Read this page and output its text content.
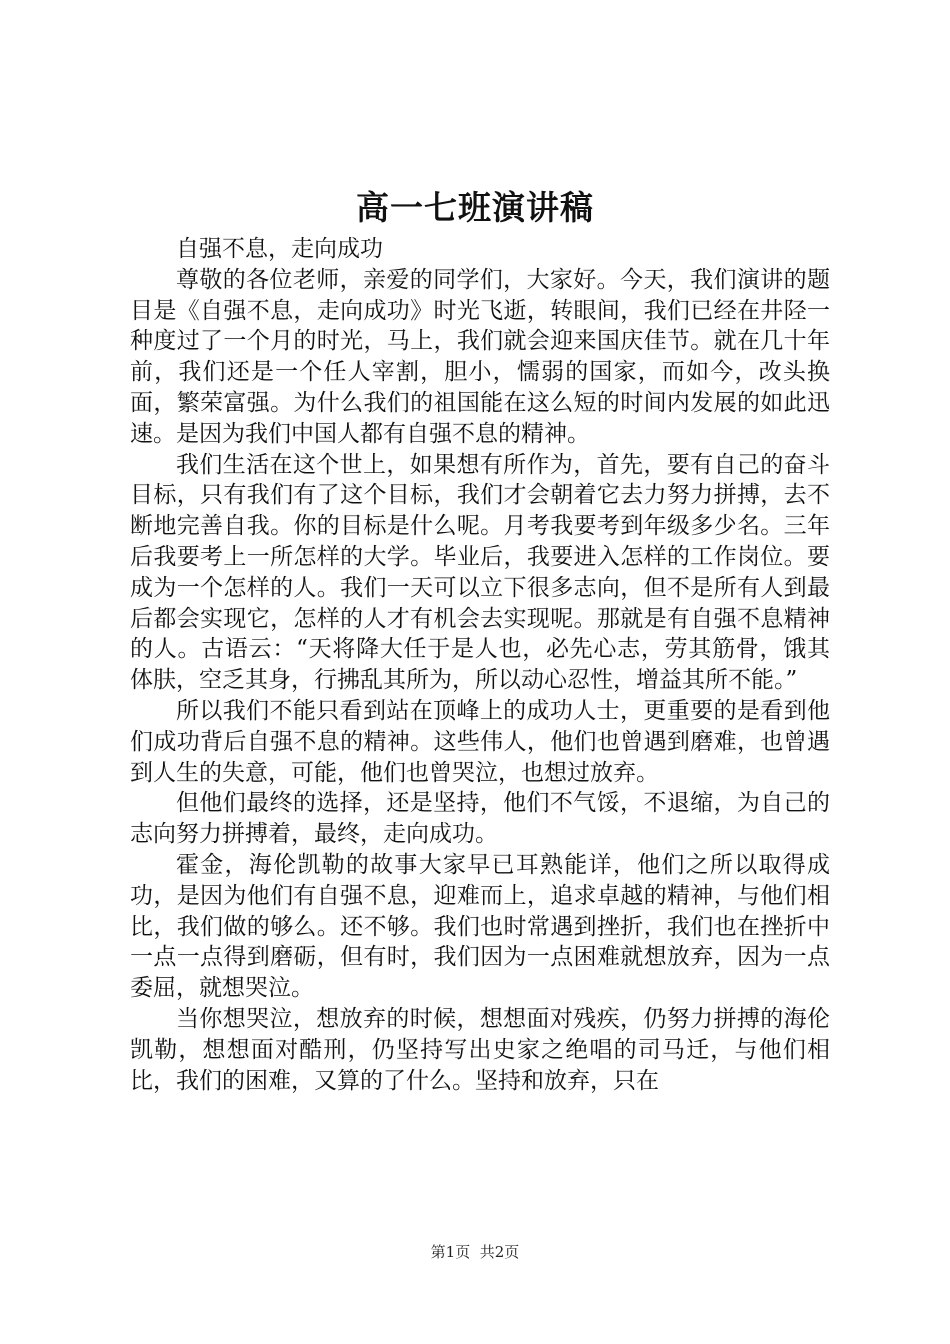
高一七班演讲稿

自强不息，走向成功

尊敬的各位老师，亲爱的同学们，大家好。今天，我们演讲的题目是《自强不息，走向成功》时光飞逝，转眼间，我们已经在井陉一种度过了一个月的时光，马上，我们就会迎来国庆佳节。就在几十年前，我们还是一个任人宰割，胆小，懦弱的国家，而如今，改头换面，繁荣富强。为什么我们的祖国能在这么短的时间内发展的如此迅速。是因为我们中国人都有自强不息的精神。

我们生活在这个世上，如果想有所作为，首先，要有自己的奋斗目标，只有我们有了这个目标，我们才会朝着它去力努力拼搏，去不断地完善自我。你的目标是什么呢。月考我要考到年级多少名。三年后我要考上一所怎样的大学。毕业后，我要进入怎样的工作岗位。要成为一个怎样的人。我们一天可以立下很多志向，但不是所有人到最后都会实现它，怎样的人才有机会去实现呢。那就是有自强不息精神的人。古语云：“天将降大任于是人也，必先心志，劳其筋骨，饿其体肤，空乏其身，行拂乱其所为，所以动心忍性，增益其所不能。”

所以我们不能只看到站在顶峰上的成功人士，更重要的是看到他们成功背后自强不息的精神。这些伟人，他们也曾遇到磨难，也曾遇到人生的失意，可能，他们也曾哭泣，也想过放弃。

但他们最终的选择，还是坚持，他们不气馁，不退缩，为自己的志向努力拼搏着，最终，走向成功。

霍金，海伦凯勒的故事大家早已耳熟能详，他们之所以取得成功，是因为他们有自强不息，迎难而上，追求卓越的精神，与他们相比，我们做的够么。还不够。我们也时常遇到挫折，我们也在挫折中一点一点得到磨砺，但有时，我们因为一点困难就想放弃，因为一点委屈，就想哭泣。

当你想哭泣，想放弃的时候，想想面对残疾，仍努力拼搏的海伦凯勒，想想面对酷刑，仍坚持写出史家之绝唱的司马迁，与他们相比，我们的困难，又算的了什么。坚持和放弃，只在

第1页 共2页
